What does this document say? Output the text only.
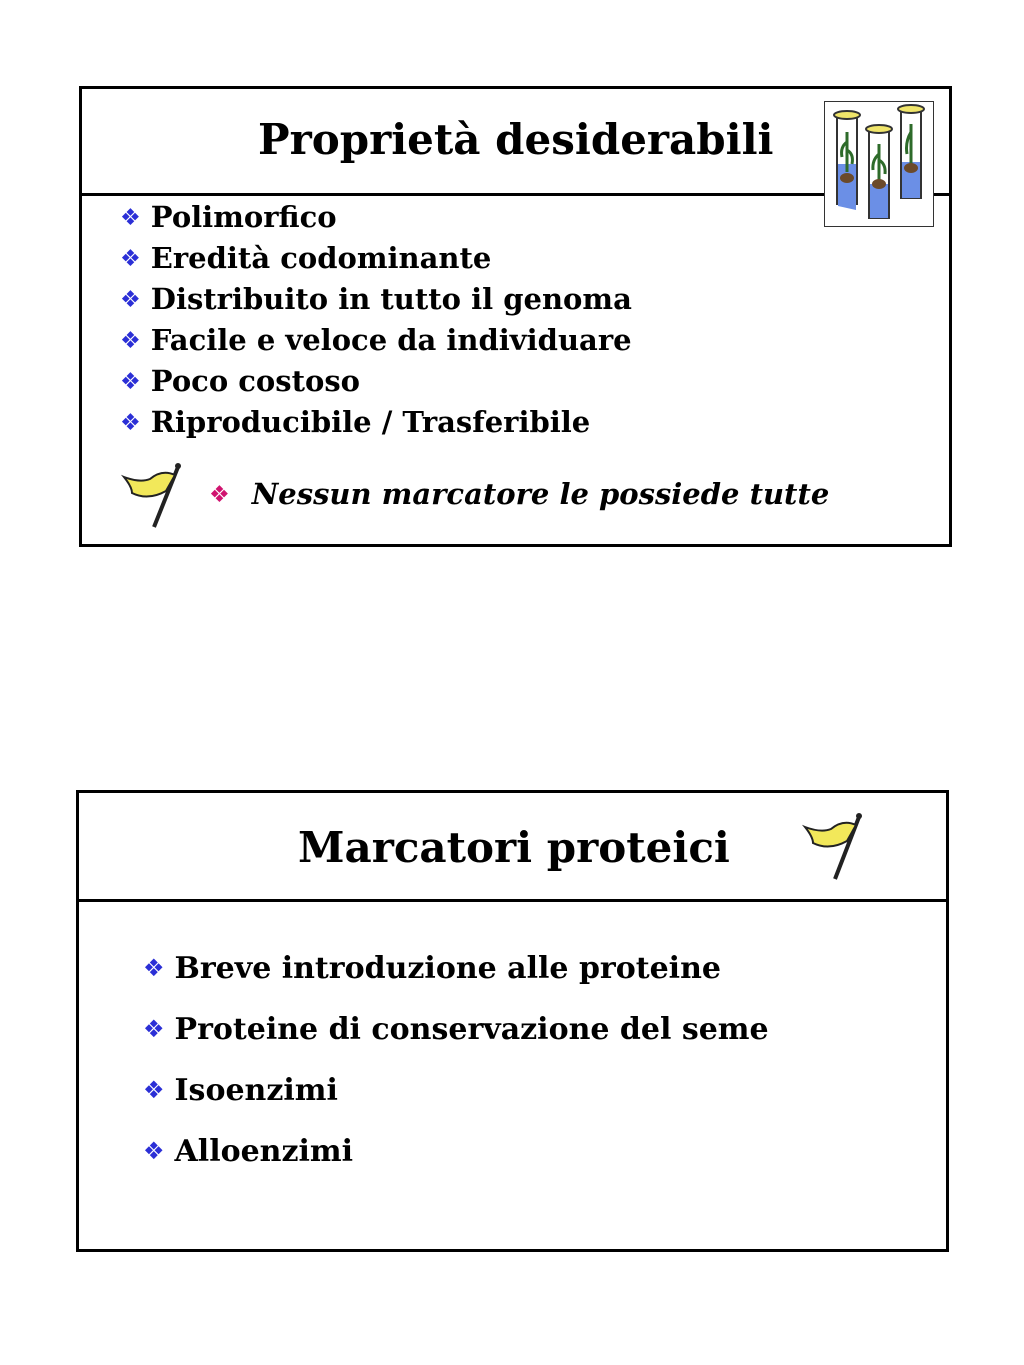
Proprietà desiderabili
❖ Polimorfico
❖ Eredità codominante
❖ Distribuito in tutto il genoma
❖ Facile e veloce da individuare
❖ Poco costoso
❖ Riproducibile / Trasferibile
❖ Nessun marcatore le possiede tutte
Marcatori proteici
❖ Breve introduzione alle proteine
❖ Proteine di conservazione del seme
❖ Isoenzimi
❖ Alloenzimi
